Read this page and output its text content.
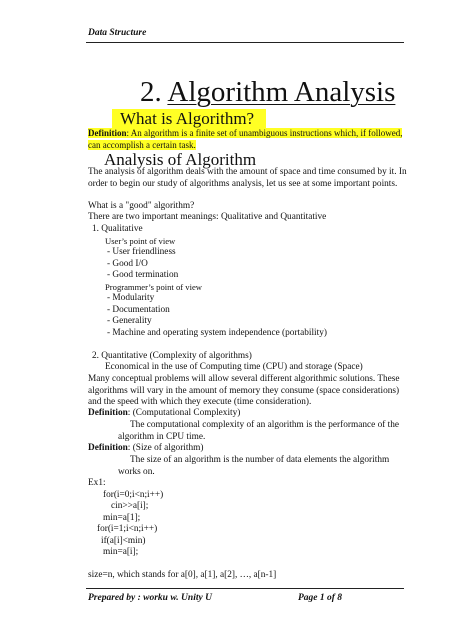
Data Structure
2. Algorithm Analysis
What is Algorithm?
Definition: An algorithm is a finite set of unambiguous instructions which, if followed, can accomplish a certain task.
Analysis of Algorithm
The analysis of algorithm deals with the amount of space and time consumed by it. In order to begin our study of algorithms analysis, let us see at some important points.
What is a "good" algorithm?
There are two important meanings: Qualitative and Quantitative
1. Qualitative
User’s point of view
- User friendliness
- Good I/O
- Good termination
Programmer’s point of view
- Modularity
- Documentation
- Generality
- Machine and operating system independence (portability)
2. Quantitative (Complexity of algorithms)
Economical in the use of Computing time (CPU) and storage (Space)
Many conceptual problems will allow several different algorithmic solutions. These algorithms will vary in the amount of memory they consume (space considerations) and the speed with which they execute (time consideration).
Definition: (Computational Complexity)
The computational complexity of an algorithm is the performance of the algorithm in CPU time.
Definition: (Size of algorithm)
The size of an algorithm is the number of data elements the algorithm works on.
Ex1:
for(i=0;i<n;i++)
cin>>a[i];
min=a[1];
for(i=1;i<n;i++)
if(a[i]<min)
min=a[i];
size=n, which stands for a[0], a[1], a[2], …, a[n-1]
Prepared by : worku w. Unity U	Page 1 of 8
